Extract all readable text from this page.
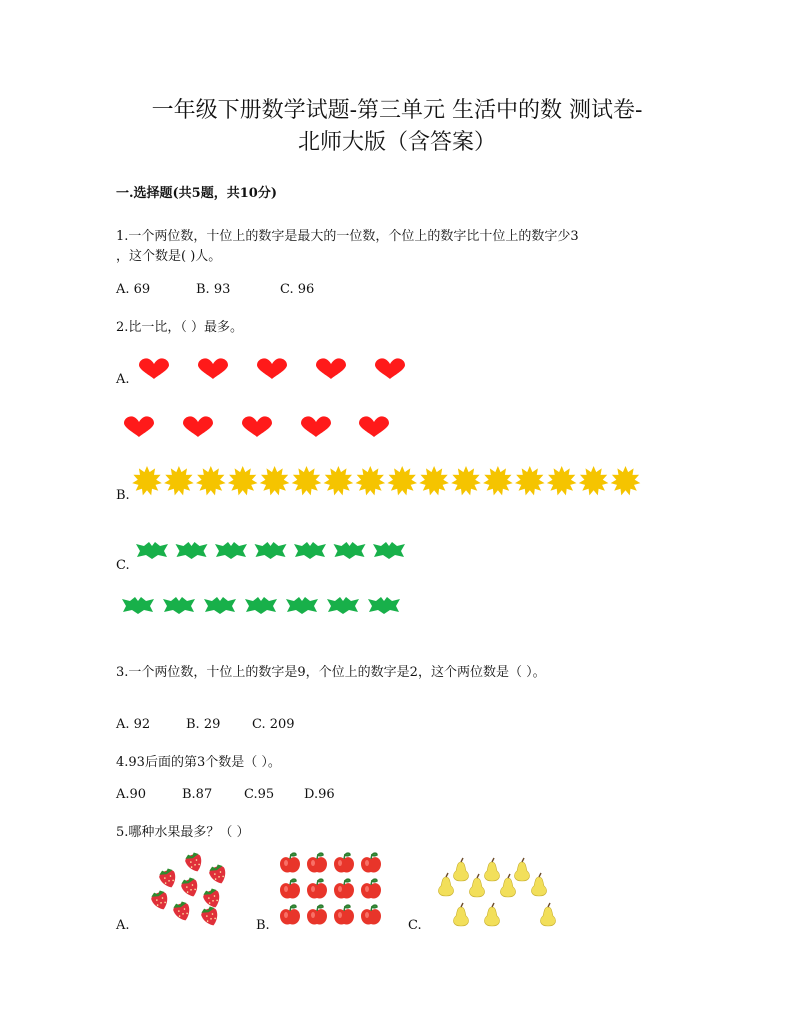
一年级下册数学试题-第三单元 生活中的数 测试卷-
北师大版（含答案）
一.选择题(共5题，共10分)
1.一个两位数，十位上的数字是最大的一位数，个位上的数字比十位上的数字少3
，这个数是( )人。
A. 69	B. 93	C. 96
2.比一比，（ ）最多。
A.
B.
C.
3.一个两位数，十位上的数字是9，个位上的数字是2，这个两位数是（ ）。
A. 92	B. 29 C. 209
4.93后面的第3个数是（ ）。
A.90	B.87 C.95 D.96
5.哪种水果最多？（ ）
A.	B.	C.
